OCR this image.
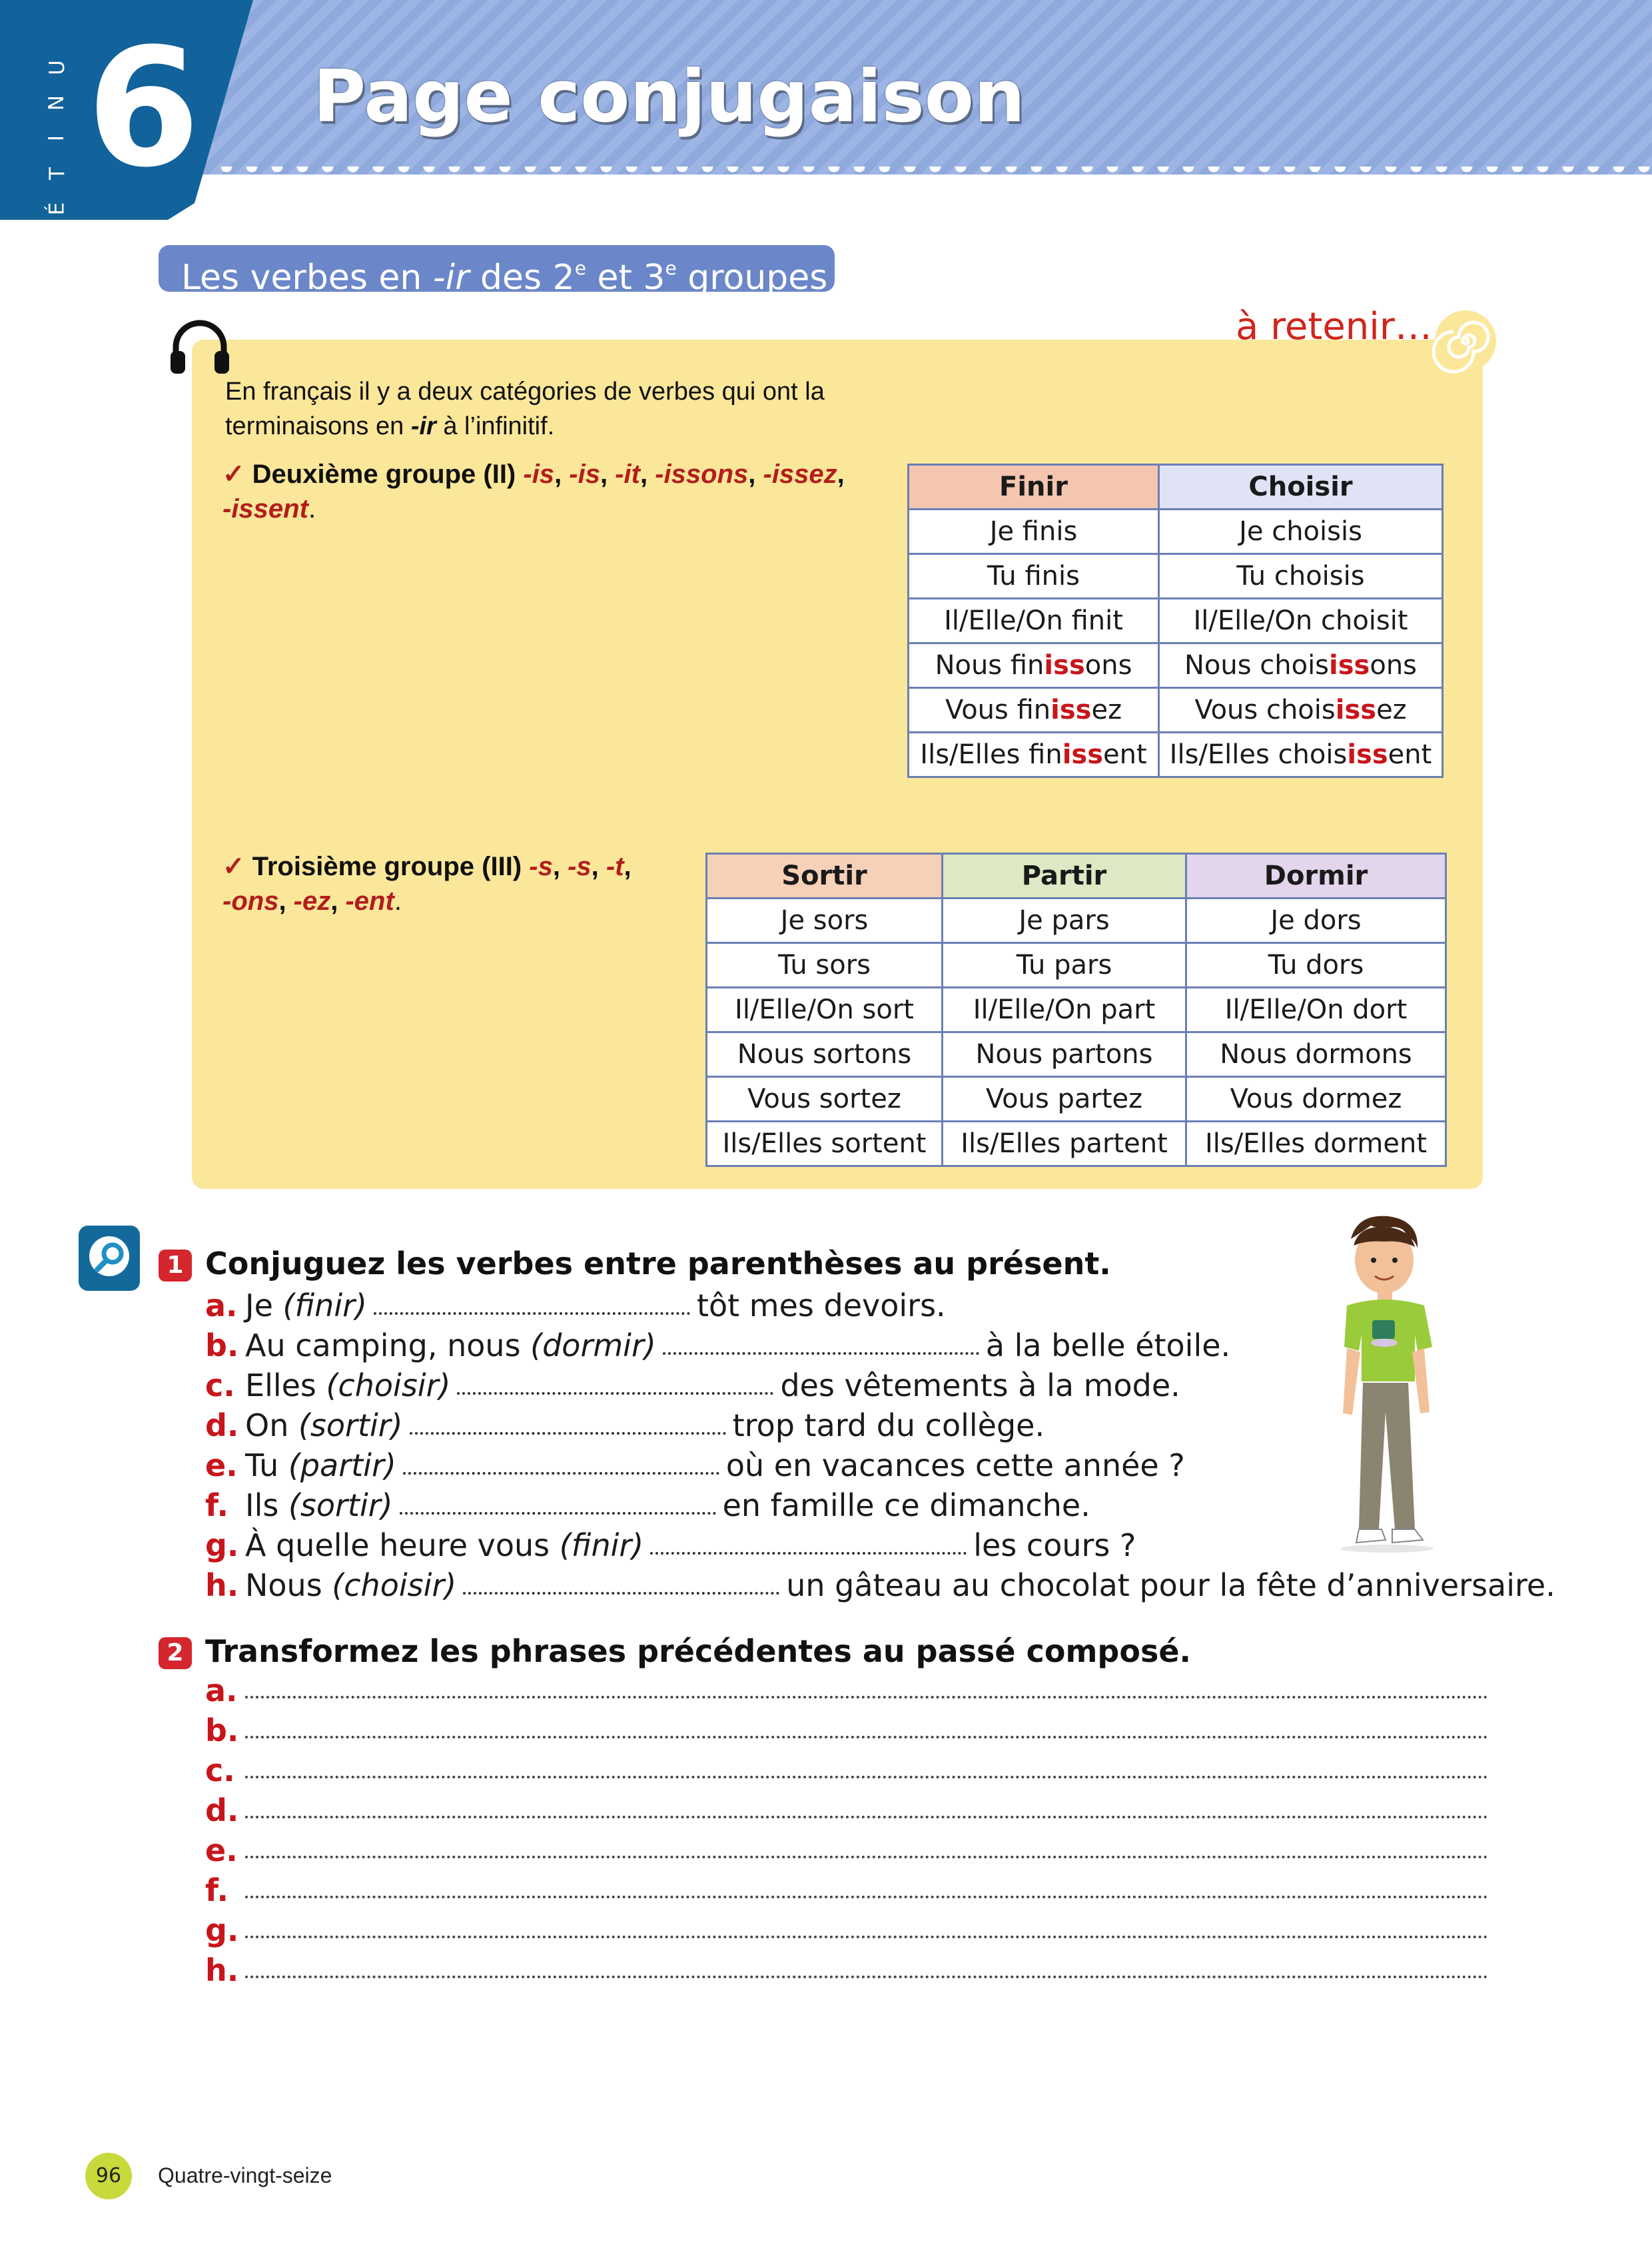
U
N
I
T
É
6 Page conjugaison
Les verbes en -ir des 2e et 3e groupes
à retenir…
En français il y a deux catégories de verbes qui ont la
terminaisons en -ir à l’infinitif.
✓ Deuxième groupe (II) -is, -is, -it, -issons, -issez,
-issent.
Finir	Choisir
Je finis	Je choisis
Tu finis	Tu choisis
Il/Elle/On finit	Il/Elle/On choisit
Nous finissons	Nous choisissons
Vous finissez	Vous choisissez
Ils/Elles finissent	Ils/Elles choisissent
✓ Troisième groupe (III) -s, -s, -t,
-ons, -ez, -ent.
Sortir	Partir	Dormir
Je sors	Je pars	Je dors
Tu sors	Tu pars	Tu dors
Il/Elle/On sort	Il/Elle/On part	Il/Elle/On dort
Nous sortons	Nous partons	Nous dormons
Vous sortez	Vous partez	Vous dormez
Ils/Elles sortent	Ils/Elles partent	Ils/Elles dorment
1 Conjuguez les verbes entre parenthèses au présent.
a. Je (finir)	tôt mes devoirs.
b. Au camping, nous (dormir)	à la belle étoile.
c. Elles (choisir)	des vêtements à la mode.
d. On (sortir)	trop tard du collège.
e. Tu (partir)	où en vacances cette année ?
f. Ils (sortir)	en famille ce dimanche.
g. À quelle heure vous (finir)	les cours ?
h. Nous (choisir)	un gâteau au chocolat pour la fête d’anniversaire.
2 Transformez les phrases précédentes au passé composé.
a.
b.
c.
d.
e.
f.
g.
h.
96	Quatre-vingt-seize
